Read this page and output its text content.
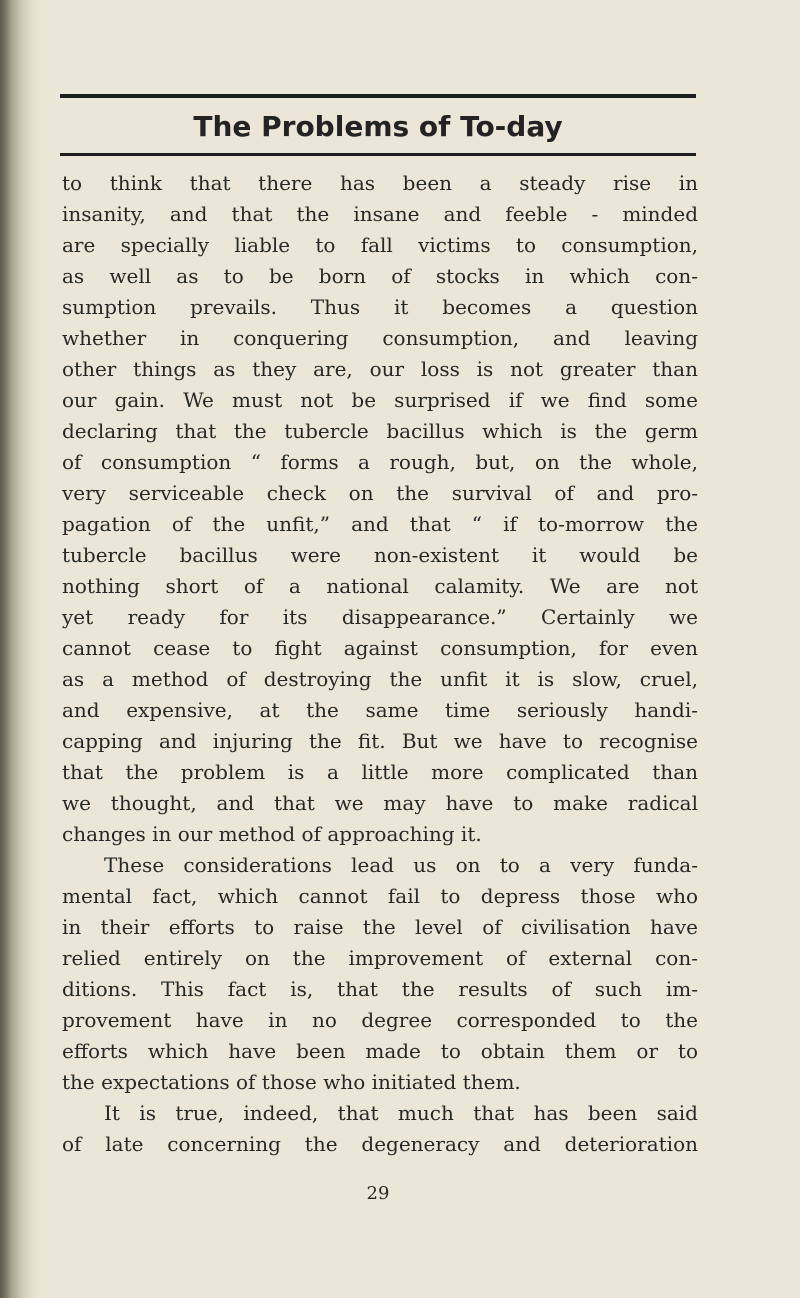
The Problems of To-day
to think that there has been a steady rise in
insanity, and that the insane and feeble - minded
are specially liable to fall victims to consumption,
as well as to be born of stocks in which con-
sumption prevails. Thus it becomes a question
whether in conquering consumption, and leaving
other things as they are, our loss is not greater than
our gain. We must not be surprised if we find some
declaring that the tubercle bacillus which is the germ
of consumption “ forms a rough, but, on the whole,
very serviceable check on the survival of and pro-
pagation of the unfit,” and that “ if to-morrow the
tubercle bacillus were non-existent it would be
nothing short of a national calamity. We are not
yet ready for its disappearance.” Certainly we
cannot cease to fight against consumption, for even
as a method of destroying the unfit it is slow, cruel,
and expensive, at the same time seriously handi-
capping and injuring the fit. But we have to recognise
that the problem is a little more complicated than
we thought, and that we may have to make radical
changes in our method of approaching it.
These considerations lead us on to a very funda-
mental fact, which cannot fail to depress those who
in their efforts to raise the level of civilisation have
relied entirely on the improvement of external con-
ditions. This fact is, that the results of such im-
provement have in no degree corresponded to the
efforts which have been made to obtain them or to
the expectations of those who initiated them.
It is true, indeed, that much that has been said
of late concerning the degeneracy and deterioration
29
